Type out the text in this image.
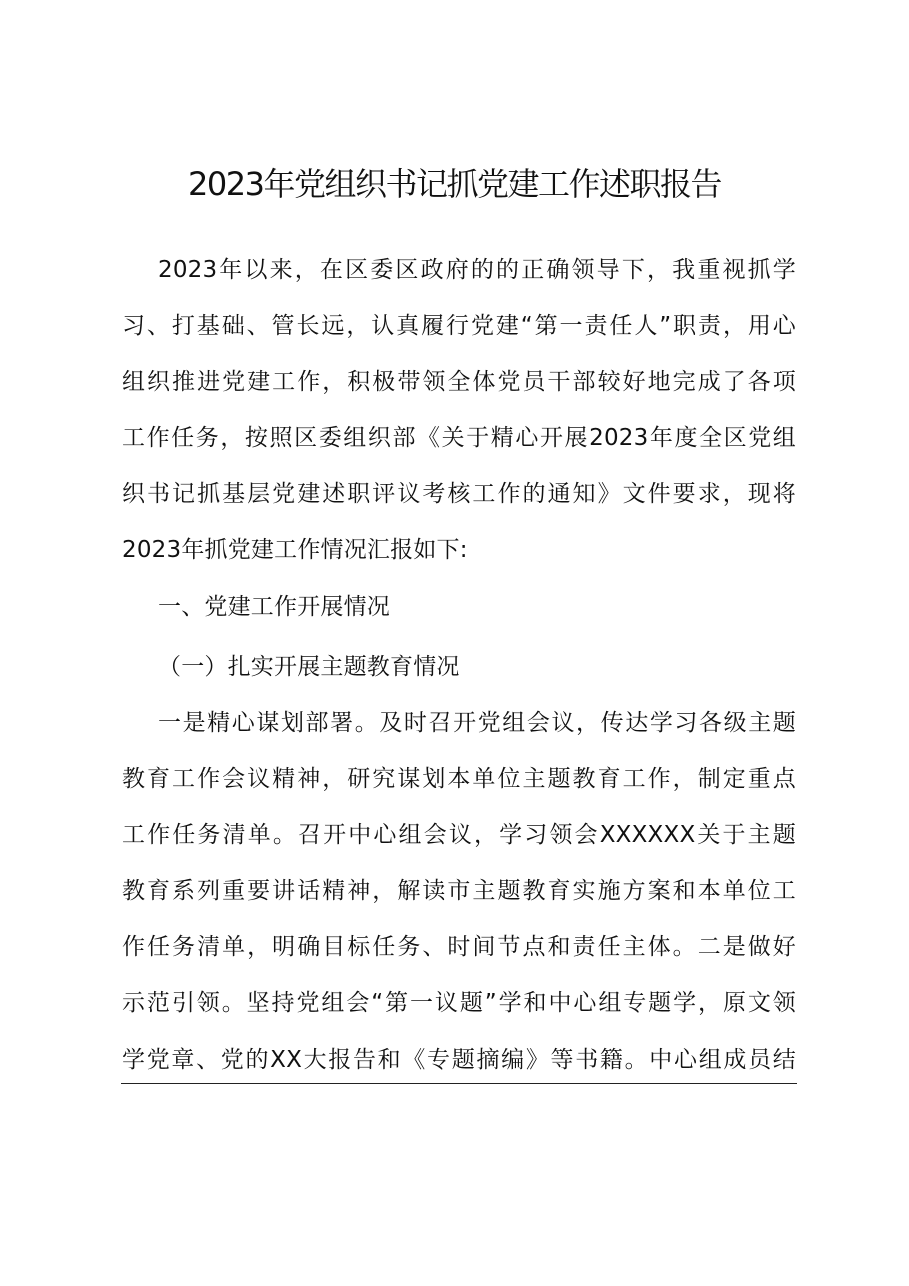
2023年党组织书记抓党建工作述职报告
2023年以来，在区委区政府的的正确领导下，我重视抓学
习、打基础、管长远，认真履行党建“第一责任人”职责，用心
组织推进党建工作，积极带领全体党员干部较好地完成了各项
工作任务，按照区委组织部《关于精心开展2023年度全区党组
织书记抓基层党建述职评议考核工作的通知》文件要求，现将
2023年抓党建工作情况汇报如下:
一、党建工作开展情况
（一）扎实开展主题教育情况
一是精心谋划部署。及时召开党组会议，传达学习各级主题
教育工作会议精神，研究谋划本单位主题教育工作，制定重点
工作任务清单。召开中心组会议，学习领会XXXXXX关于主题
教育系列重要讲话精神，解读市主题教育实施方案和本单位工
作任务清单，明确目标任务、时间节点和责任主体。二是做好
示范引领。坚持党组会“第一议题”学和中心组专题学，原文领
学党章、党的XX大报告和《专题摘编》等书籍。中心组成员结
